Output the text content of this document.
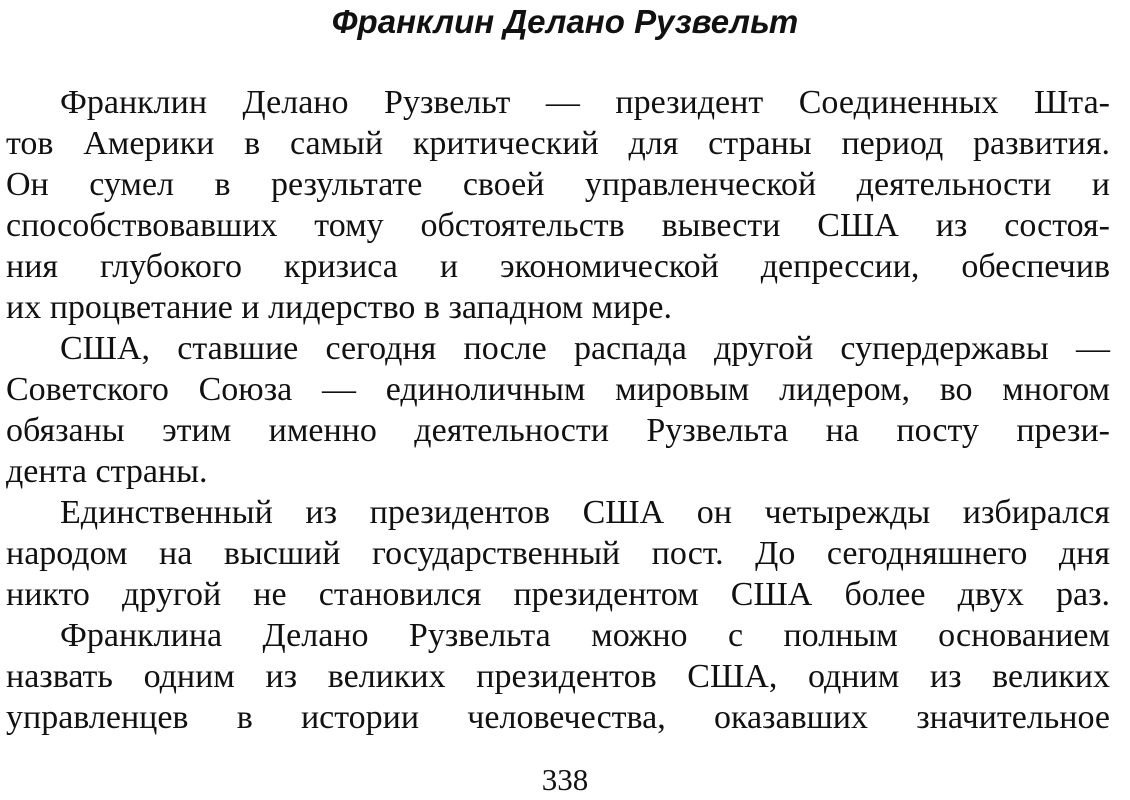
Франклин Делано Рузвельт
Франклин Делано Рузвельт — президент Соединенных Шта-
тов Америки в самый критический для страны период развития.
Он сумел в результате своей управленческой деятельности и
способствовавших тому обстоятельств вывести США из состоя-
ния глубокого кризиса и экономической депрессии, обеспечив
их процветание и лидерство в западном мире.
США, ставшие сегодня после распада другой супердержавы —
Советского Союза — единоличным мировым лидером, во многом
обязаны этим именно деятельности Рузвельта на посту прези-
дента страны.
Единственный из президентов США он четырежды избирался
народом на высший государственный пост. До сегодняшнего дня
никто другой не становился президентом США более двух раз.
Франклина Делано Рузвельта можно с полным основанием
назвать одним из великих президентов США, одним из великих
управленцев в истории человечества, оказавших значительное
338
